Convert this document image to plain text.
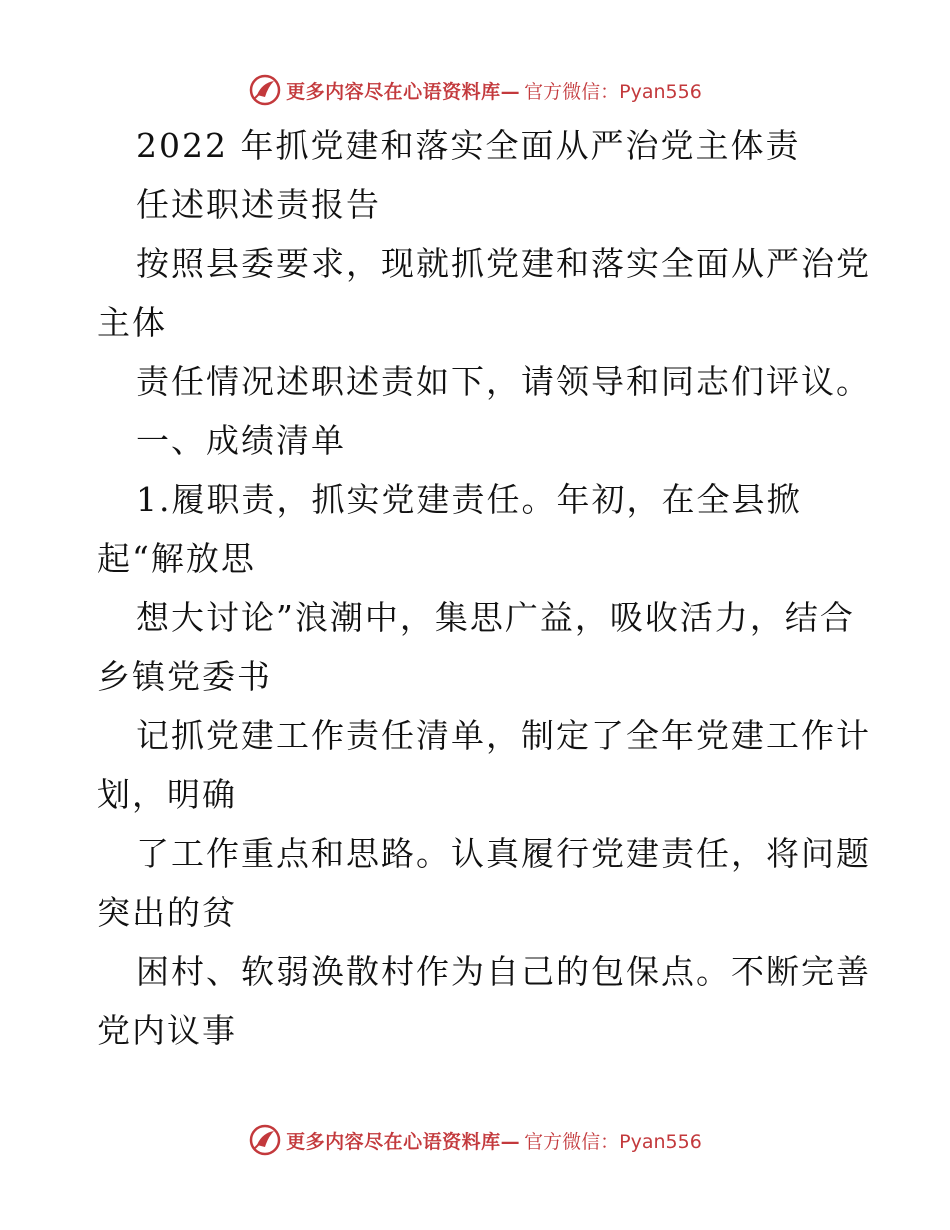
更多内容尽在心语资料库— 官方微信：Pyan556
2022 年抓党建和落实全面从严治党主体责
任述职述责报告
按照县委要求，现就抓党建和落实全面从严治党
主体
责任情况述职述责如下，请领导和同志们评议。
一、成绩清单
1.履职责，抓实党建责任。年初，在全县掀
起“解放思
想大讨论”浪潮中，集思广益，吸收活力，结合
乡镇党委书
记抓党建工作责任清单，制定了全年党建工作计
划，明确
了工作重点和思路。认真履行党建责任，将问题
突出的贫
困村、软弱涣散村作为自己的包保点。不断完善
党内议事
更多内容尽在心语资料库— 官方微信：Pyan556
